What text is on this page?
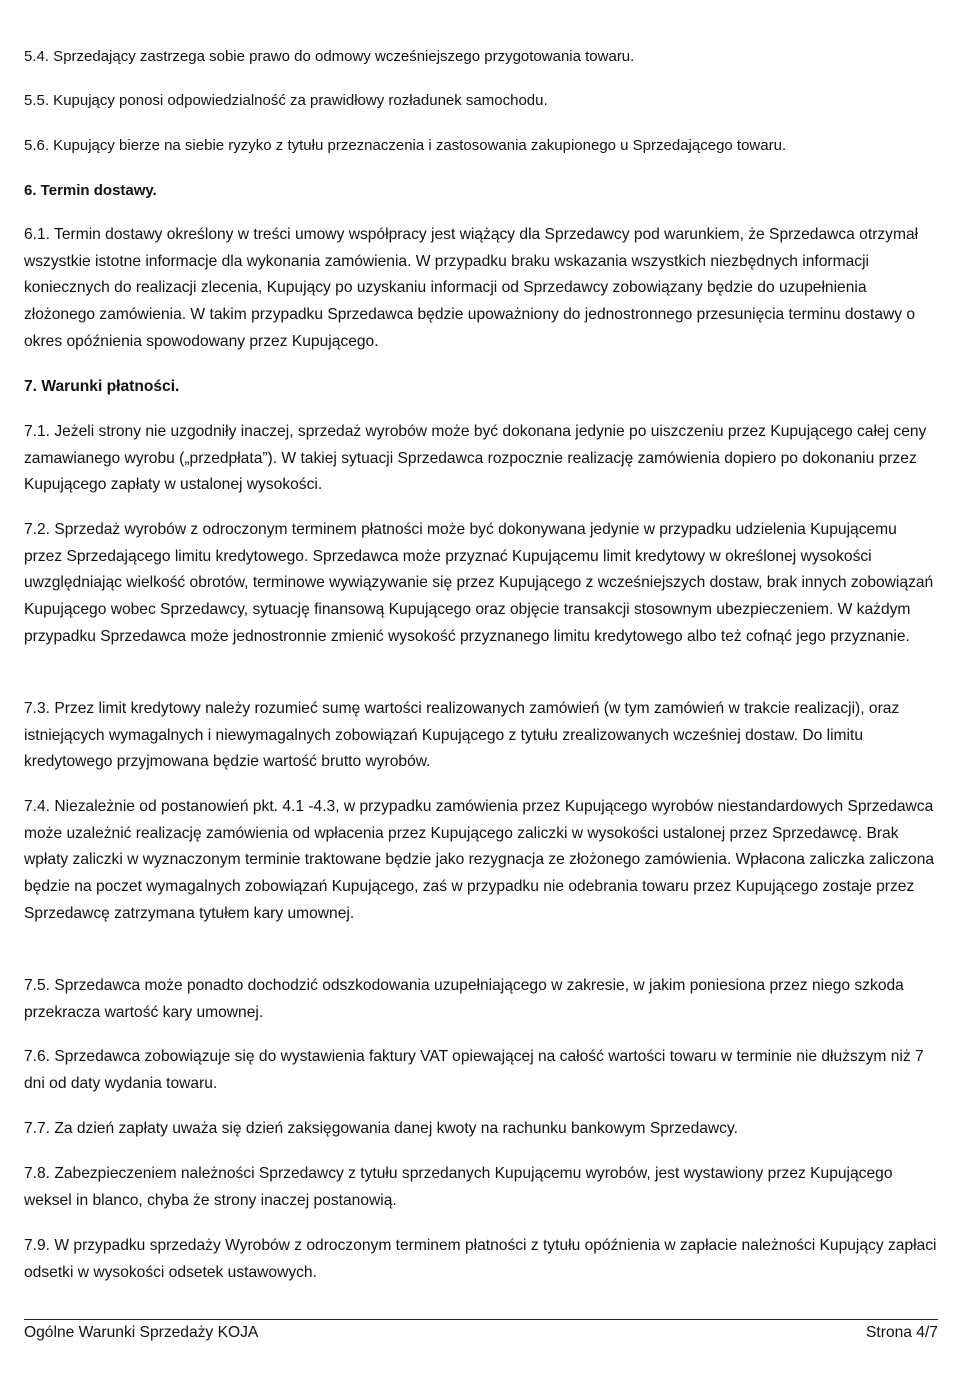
5.4. Sprzedający zastrzega sobie prawo do odmowy wcześniejszego przygotowania towaru.

5.5. Kupujący ponosi odpowiedzialność za prawidłowy rozładunek samochodu.

5.6. Kupujący bierze na siebie ryzyko z tytułu przeznaczenia i zastosowania zakupionego u Sprzedającego towaru.

6. Termin dostawy.

6.1. Termin dostawy określony w treści umowy współpracy jest wiążący dla Sprzedawcy pod warunkiem, że Sprzedawca otrzymał wszystkie istotne informacje dla wykonania zamówienia. W przypadku braku wskazania wszystkich niezbędnych informacji koniecznych do realizacji zlecenia, Kupujący po uzyskaniu informacji od Sprzedawcy zobowiązany będzie do uzupełnienia złożonego zamówienia. W takim przypadku Sprzedawca będzie upoważniony do jednostronnego przesunięcia terminu dostawy o okres opóźnienia spowodowany przez Kupującego.

7. Warunki płatności.

7.1. Jeżeli strony nie uzgodniły inaczej, sprzedaż wyrobów może być dokonana jedynie po uiszczeniu przez Kupującego całej ceny zamawianego wyrobu („przedpłata”). W takiej sytuacji Sprzedawca rozpocznie realizację zamówienia dopiero po dokonaniu przez Kupującego zapłaty w ustalonej wysokości.

7.2. Sprzedaż wyrobów z odroczonym terminem płatności może być dokonywana jedynie w przypadku udzielenia Kupującemu przez Sprzedającego limitu kredytowego. Sprzedawca może przyznać Kupującemu limit kredytowy w określonej wysokości uwzględniając wielkość obrotów, terminowe wywiązywanie się przez Kupującego z wcześniejszych dostaw, brak innych zobowiązań Kupującego wobec Sprzedawcy, sytuację finansową Kupującego oraz objęcie transakcji stosownym ubezpieczeniem. W każdym przypadku Sprzedawca może jednostronnie zmienić wysokość przyznanego limitu kredytowego albo też cofnąć jego przyznanie.

7.3. Przez limit kredytowy należy rozumieć sumę wartości realizowanych zamówień (w tym zamówień w trakcie realizacji), oraz istniejących wymagalnych i niewymagalnych zobowiązań Kupującego z tytułu zrealizowanych wcześniej dostaw. Do limitu kredytowego przyjmowana będzie wartość brutto wyrobów.

7.4. Niezależnie od postanowień pkt. 4.1 -4.3, w przypadku zamówienia przez Kupującego wyrobów niestandardowych Sprzedawca może uzależnić realizację zamówienia od wpłacenia przez Kupującego zaliczki w wysokości ustalonej przez Sprzedawcę. Brak wpłaty zaliczki w wyznaczonym terminie traktowane będzie jako rezygnacja ze złożonego zamówienia. Wpłacona zaliczka zaliczona będzie na poczet wymagalnych zobowiązań Kupującego, zaś w przypadku nie odebrania towaru przez Kupującego zostaje przez Sprzedawcę zatrzymana tytułem kary umownej.

7.5. Sprzedawca może ponadto dochodzić odszkodowania uzupełniającego w zakresie, w jakim poniesiona przez niego szkoda przekracza wartość kary umownej.

7.6. Sprzedawca zobowiązuje się do wystawienia faktury VAT opiewającej na całość wartości towaru w terminie nie dłuższym niż 7 dni od daty wydania towaru.

7.7. Za dzień zapłaty uważa się dzień zaksięgowania danej kwoty na rachunku bankowym Sprzedawcy.

7.8. Zabezpieczeniem należności Sprzedawcy z tytułu sprzedanych Kupującemu wyrobów, jest wystawiony przez Kupującego weksel in blanco, chyba że strony inaczej postanowią.

7.9. W przypadku sprzedaży Wyrobów z odroczonym terminem płatności z tytułu opóźnienia w zapłacie należności Kupujący zapłaci odsetki w wysokości odsetek ustawowych.

Ogólne Warunki Sprzedaży KOJA	Strona 4/7
